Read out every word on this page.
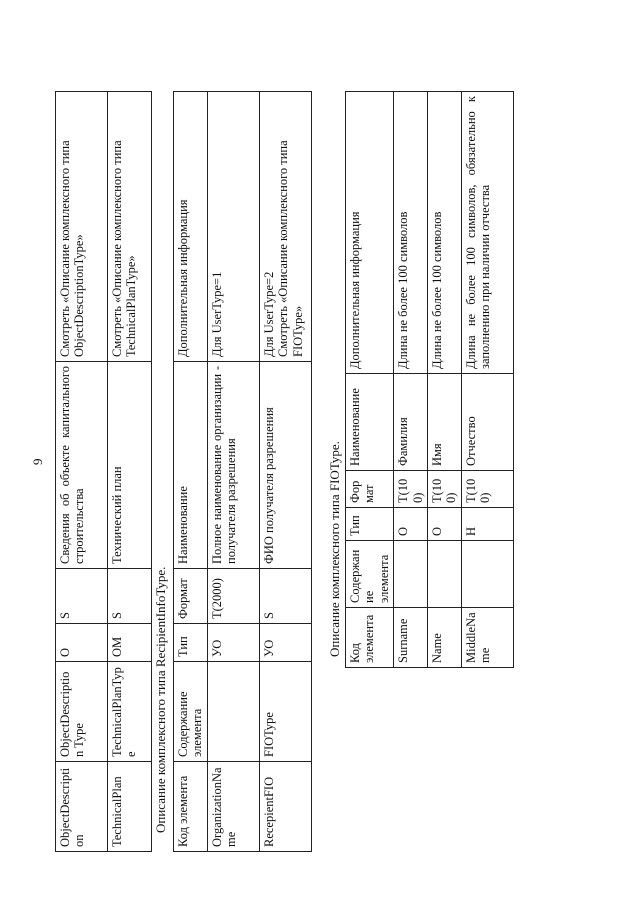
9
ObjectDescription	ObjectDescription Type	O	S	Сведения об объекте капитального строительства	Смотреть «Описание комплексного типа ObjectDescriptionType»
TechnicalPlan	TechnicalPlanType	OM	S	Технический план	Смотреть «Описание комплексного типа TechnicalPlanType»
Описание комплексного типа RecipientInfoType. Код элемента	Содержание элемента	Тип	Формат	Наименование	Дополнительная информация
OrganizationName		УО	T(2000)	Полное наименование организации - получателя разрешения	Для UserType=1
RecepientFIO	FIOType	УО	S	ФИО получателя разрешения	Для UserType=2
Смотреть «Описание комплексного типа FIOType»
Описание комплексного типа FIOType. Код элемента	Содержание элемента	Тип	Формат	Наименование	Дополнительная информация
Surname		О	T(100)	Фамилия	Длина не более 100 символов
Name		О	T(100)	Имя	Длина не более 100 символов
MiddleName		Н	T(100)	Отчество	Длина не более 100 символов, обязательно к заполнению при наличии отчества
